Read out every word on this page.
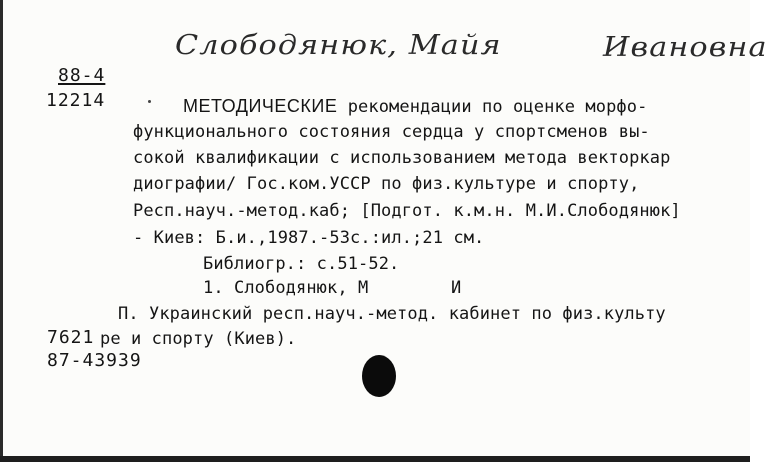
Слободянюк, Майя	Ивановна
88-4
12214	МЕТОДИЧЕСКИЕ рекомендации по оценке морфо-
функционального состояния сердца у спортсменов вы-
сокой квалификации с использованием метода векторкар
диографии/ Гос.ком.УССР по физ.культуре и спорту,
Респ.науч.-метод.каб; [Подгот. к.м.н. М.И.Слободянюк]
- Киев: Б.и.,1987.-53с.:ил.;21 см.
Библиогр.: с.51-52.
1. Слободянюк, М        И
П. Украинский респ.науч.-метод. кабинет по физ.культу
7621 ре и спорту (Киев).
87-43939
